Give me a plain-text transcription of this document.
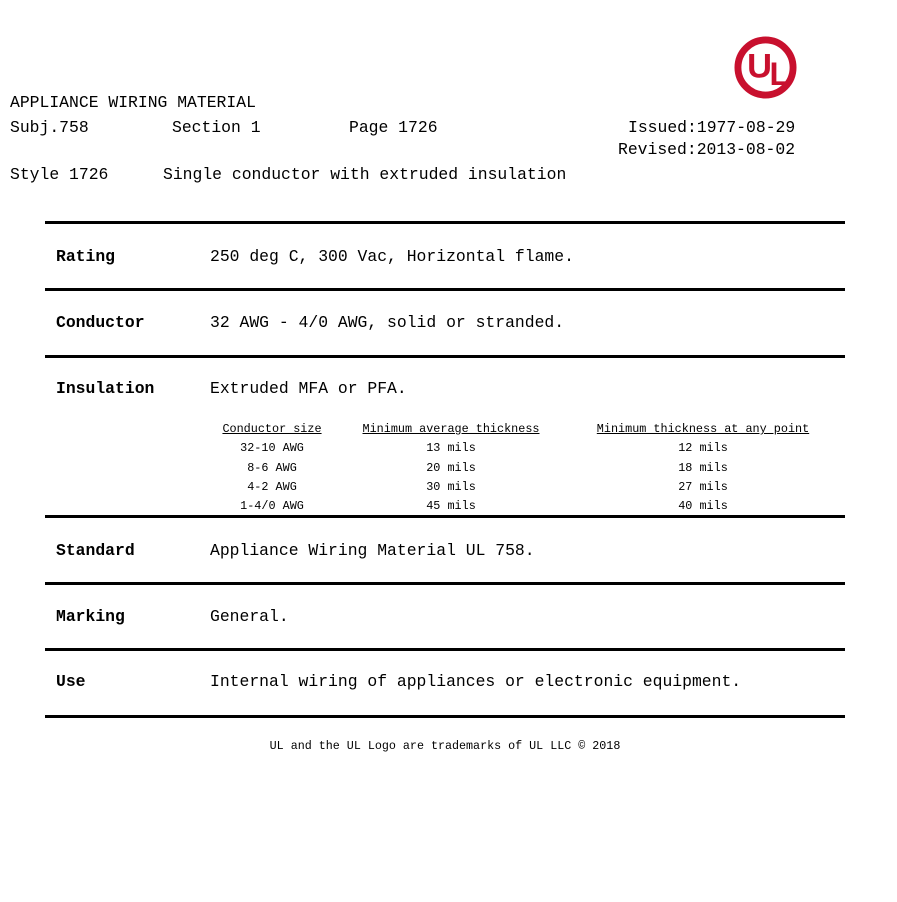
U
L
APPLIANCE WIRING MATERIAL
Subj.758	Section 1	Page 1726	Issued:1977-08-29
Revised:2013-08-02
Style 1726	Single conductor with extruded insulation
Rating	250 deg C, 300 Vac, Horizontal flame.
Conductor	32 AWG - 4/0 AWG, solid or stranded.
Insulation	Extruded MFA or PFA.
Standard	Appliance Wiring Material UL 758.
Marking	General.
Use	Internal wiring of appliances or electronic equipment.
Conductor size	Minimum average thickness	Minimum thickness at any point
32-10 AWG	13 mils	12 mils
8-6 AWG	20 mils	18 mils
4-2 AWG	30 mils	27 mils
1-4/0 AWG	45 mils	40 mils
UL and the UL Logo are trademarks of UL LLC © 2018
